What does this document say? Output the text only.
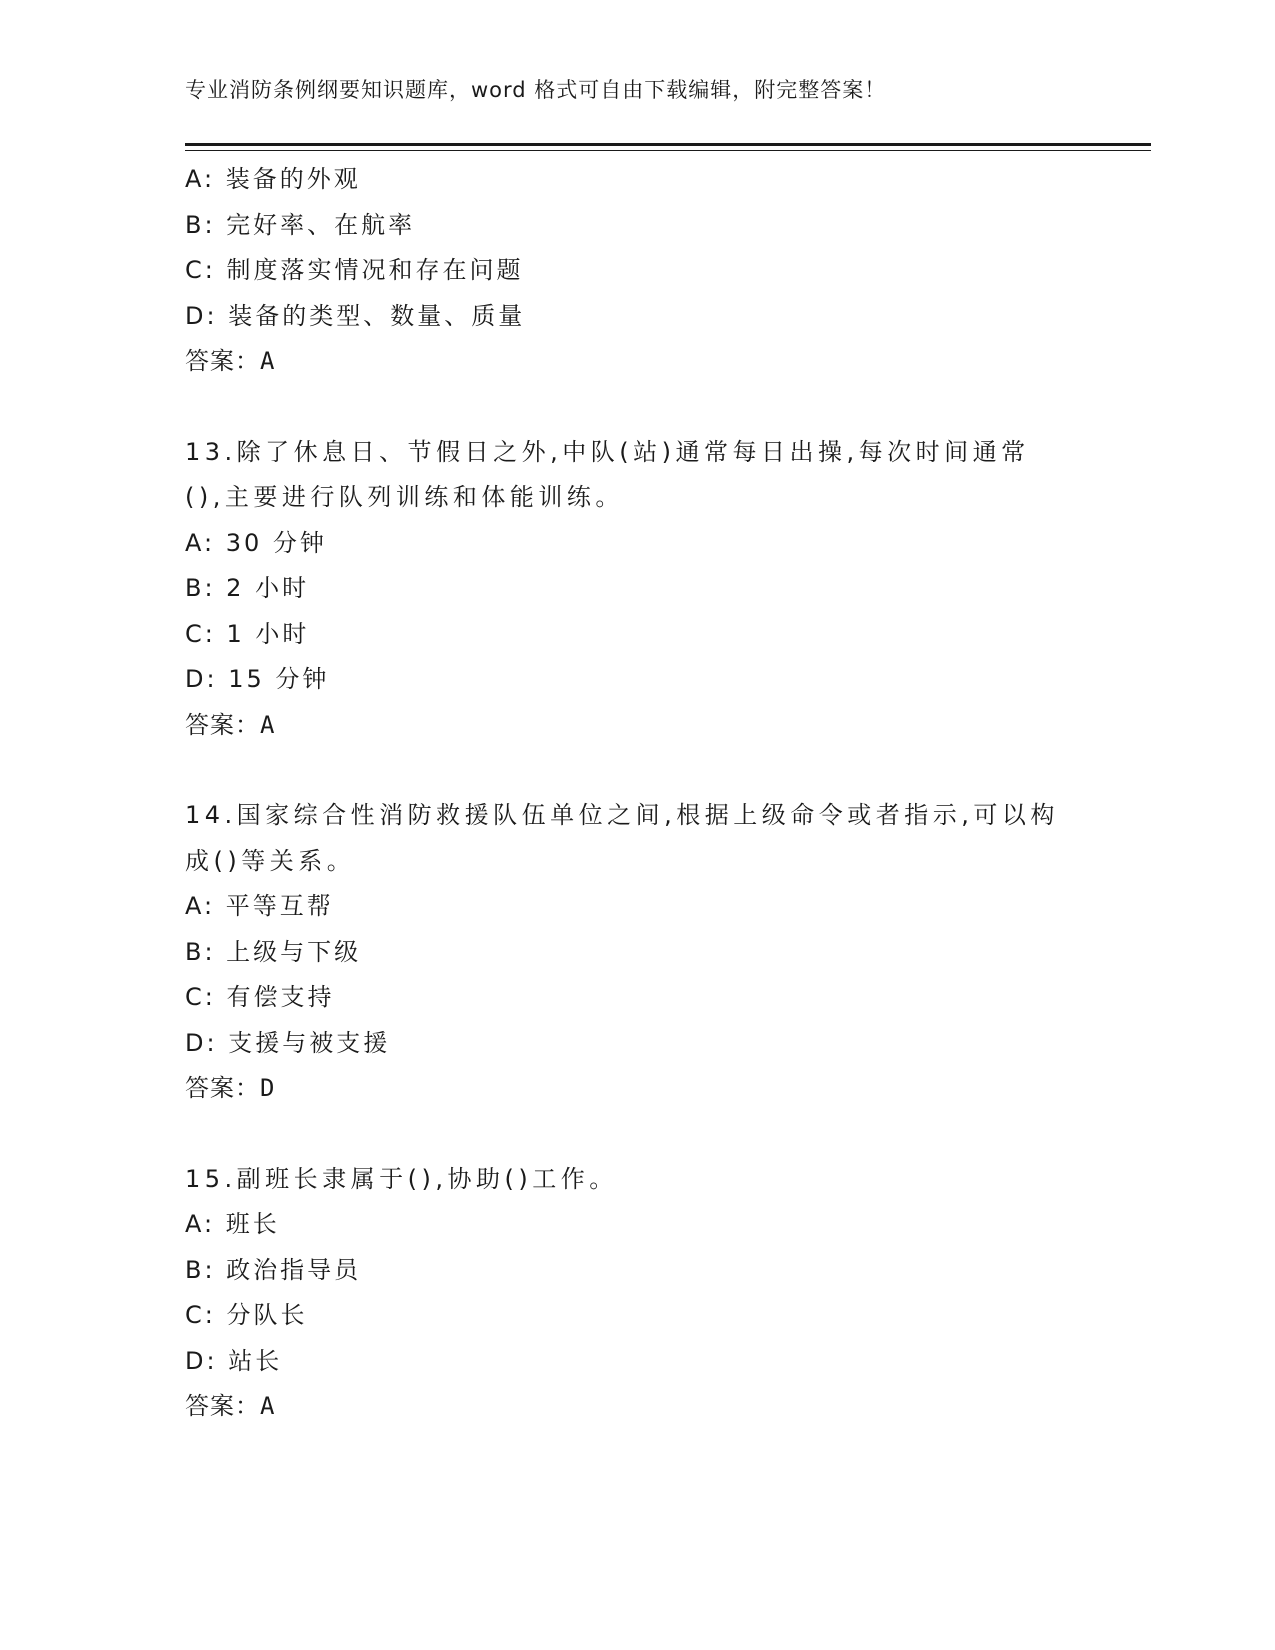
专业消防条例纲要知识题库，word 格式可自由下载编辑，附完整答案！
A: 装备的外观
B: 完好率、在航率
C: 制度落实情况和存在问题
D: 装备的类型、数量、质量
答案：A
13.除了休息日、节假日之外,中队(站)通常每日出操,每次时间通常
(),主要进行队列训练和体能训练。
A: 30 分钟
B: 2 小时
C: 1 小时
D: 15 分钟
答案：A
14.国家综合性消防救援队伍单位之间,根据上级命令或者指示,可以构
成()等关系。
A: 平等互帮
B: 上级与下级
C: 有偿支持
D: 支援与被支援
答案：D
15.副班长隶属于(),协助()工作。
A: 班长
B: 政治指导员
C: 分队长
D: 站长
答案：A
